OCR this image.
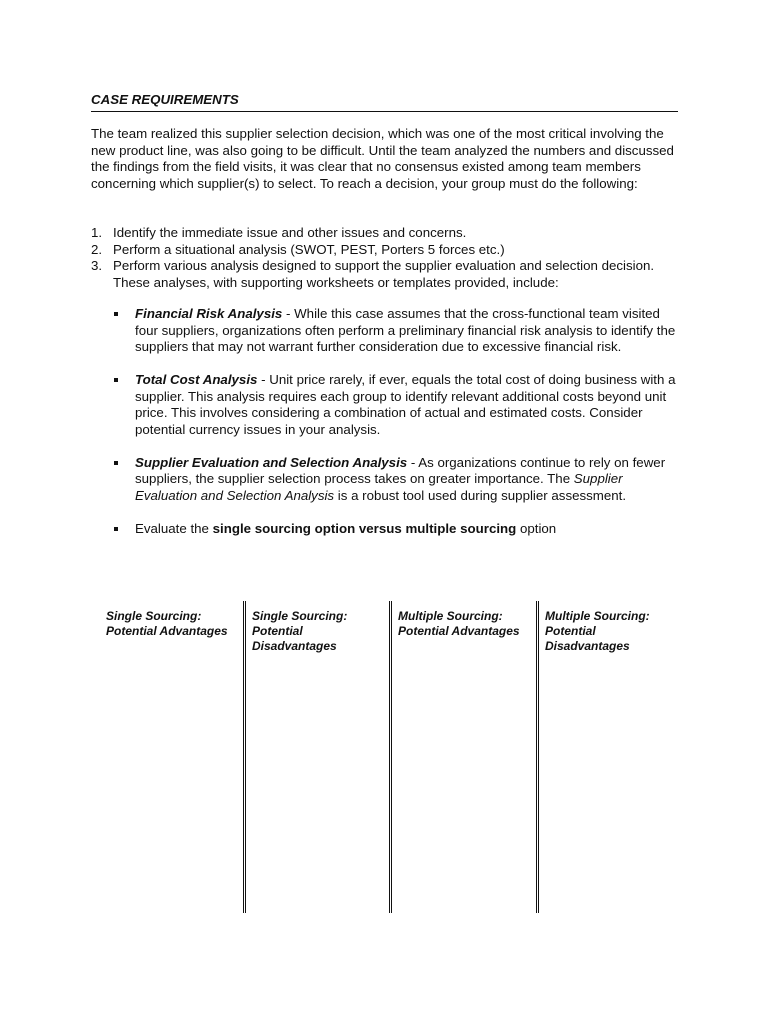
CASE REQUIREMENTS
The team realized this supplier selection decision, which was one of the most critical involving the new product line, was also going to be difficult. Until the team analyzed the numbers and discussed the findings from the field visits, it was clear that no consensus existed among team members concerning which supplier(s) to select. To reach a decision, your group must do the following:
1. Identify the immediate issue and other issues and concerns.
2. Perform a situational analysis (SWOT, PEST, Porters 5 forces etc.)
3. Perform various analysis designed to support the supplier evaluation and selection decision. These analyses, with supporting worksheets or templates provided, include:
Financial Risk Analysis - While this case assumes that the cross-functional team visited four suppliers, organizations often perform a preliminary financial risk analysis to identify the suppliers that may not warrant further consideration due to excessive financial risk.
Total Cost Analysis - Unit price rarely, if ever, equals the total cost of doing business with a supplier. This analysis requires each group to identify relevant additional costs beyond unit price. This involves considering a combination of actual and estimated costs. Consider potential currency issues in your analysis.
Supplier Evaluation and Selection Analysis - As organizations continue to rely on fewer suppliers, the supplier selection process takes on greater importance. The Supplier Evaluation and Selection Analysis is a robust tool used during supplier assessment.
Evaluate the single sourcing option versus multiple sourcing option
Single Sourcing: Potential Advantages
Single Sourcing: Potential Disadvantages
Multiple Sourcing: Potential Advantages
Multiple Sourcing: Potential Disadvantages
